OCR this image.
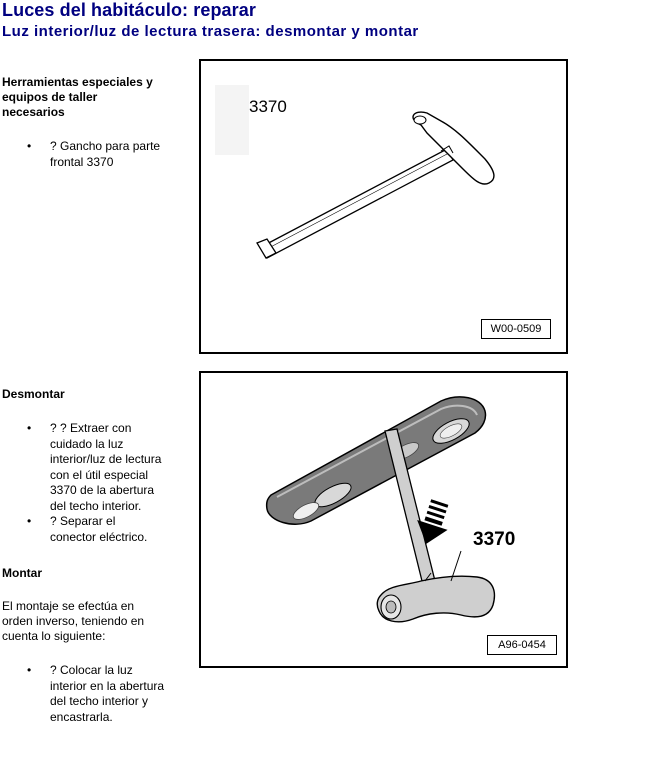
Luces del habitáculo: reparar
Luz interior/luz de lectura trasera: desmontar y montar
Herramientas especiales y
equipos de taller
necesarios
• ? Gancho para parte
frontal 3370
3370
W00-0509
Desmontar
• ? ? Extraer con
cuidado la luz
interior/luz de lectura
con el útil especial
3370 de la abertura
del techo interior.
• ? Separar el
conector eléctrico.
Montar
El montaje se efectúa en
orden inverso, teniendo en
cuenta lo siguiente:
• ? Colocar la luz
interior en la abertura
del techo interior y
encastrarla.
3370
A96-0454
